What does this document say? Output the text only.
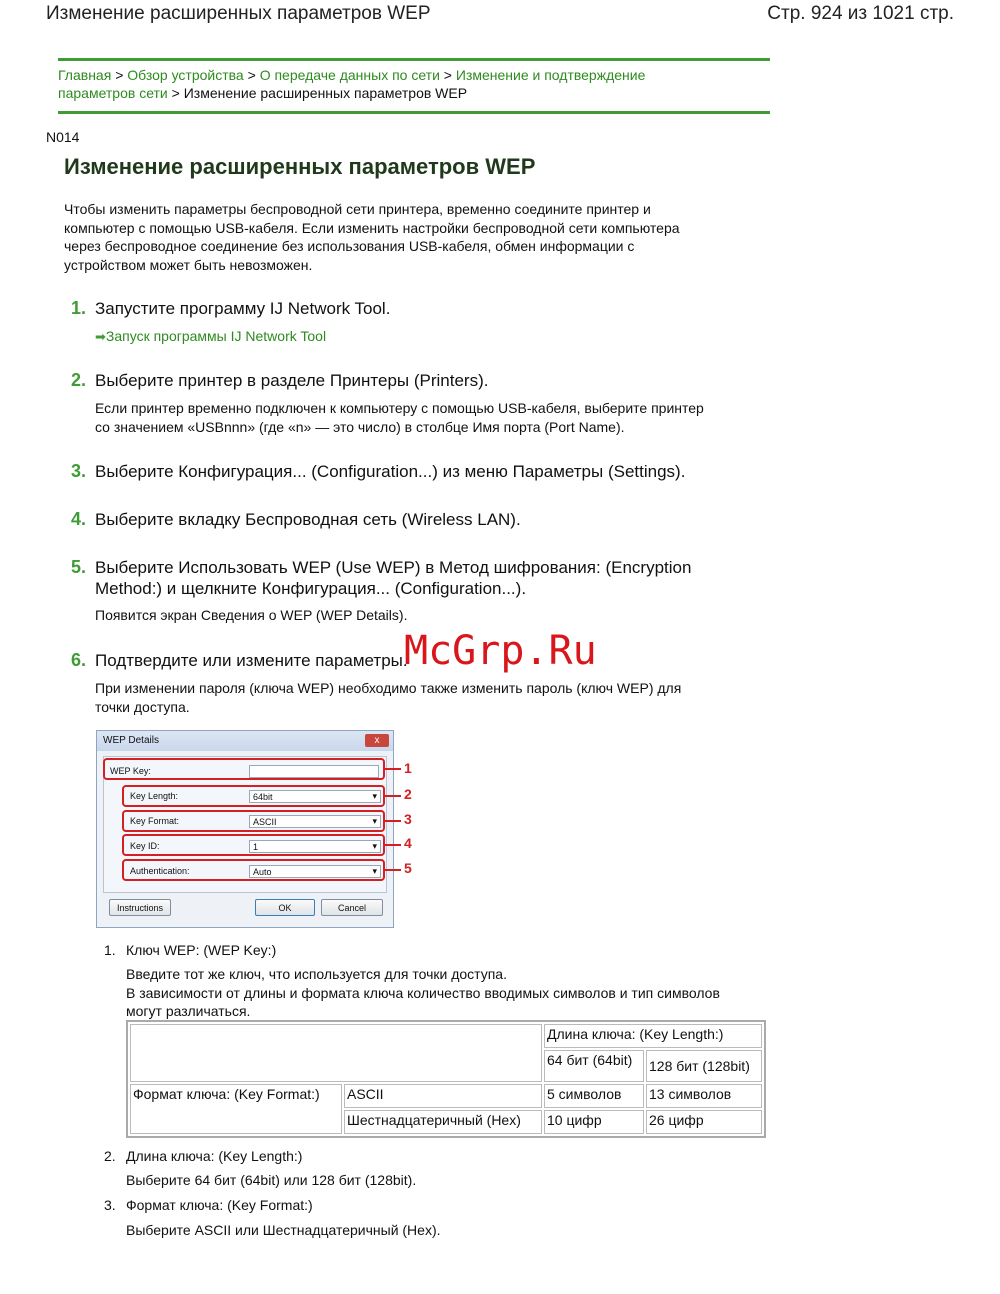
Изменение расширенных параметров WEP	Стр. 924 из 1021 стр.
Главная > Обзор устройства > О передаче данных по сети > Изменение и подтверждение
параметров сети > Изменение расширенных параметров WEP
N014
Изменение расширенных параметров WEP
Чтобы изменить параметры беспроводной сети принтера, временно соедините принтер и
компьютер с помощью USB-кабеля. Если изменить настройки беспроводной сети компьютера
через беспроводное соединение без использования USB-кабеля, обмен информации с
устройством может быть невозможен.
1. Запустите программу IJ Network Tool.
➡Запуск программы IJ Network Tool
2. Выберите принтер в разделе Принтеры (Printers).
Если принтер временно подключен к компьютеру с помощью USB-кабеля, выберите принтер
со значением «USBnnn» (где «n» — это число) в столбце Имя порта (Port Name).
3. Выберите Конфигурация... (Configuration...) из меню Параметры (Settings).
4. Выберите вкладку Беспроводная сеть (Wireless LAN).
5. Выберите Использовать WEP (Use WEP) в Метод шифрования: (Encryption
Method:) и щелкните Конфигурация... (Configuration...).
Появится экран Сведения о WEP (WEP Details).
6. Подтвердите или измените параметры.
При изменении пароля (ключа WEP) необходимо также изменить пароль (ключ WEP) для
точки доступа.
McGrp.Ru
WEP Details	x
WEP Key:
Key Length:	64bit ▾
Key Format:	ASCII ▾
Key ID:	1 ▾
Authentication:	Auto ▾
Instructions	OK	Cancel
1
2
3
4
5
1. Ключ WEP: (WEP Key:)
Введите тот же ключ, что используется для точки доступа.
В зависимости от длины и формата ключа количество вводимых символов и тип символов
могут различаться.
		Длина ключа: (Key Length:)	
		64 бит (64bit)	128 бит (128bit)
Формат ключа: (Key Format:)	ASCII	5 символов	13 символов
	Шестнадцатеричный (Hex)	10 цифр	26 цифр
2. Длина ключа: (Key Length:)
Выберите 64 бит (64bit) или 128 бит (128bit).
3. Формат ключа: (Key Format:)
Выберите ASCII или Шестнадцатеричный (Hex).
